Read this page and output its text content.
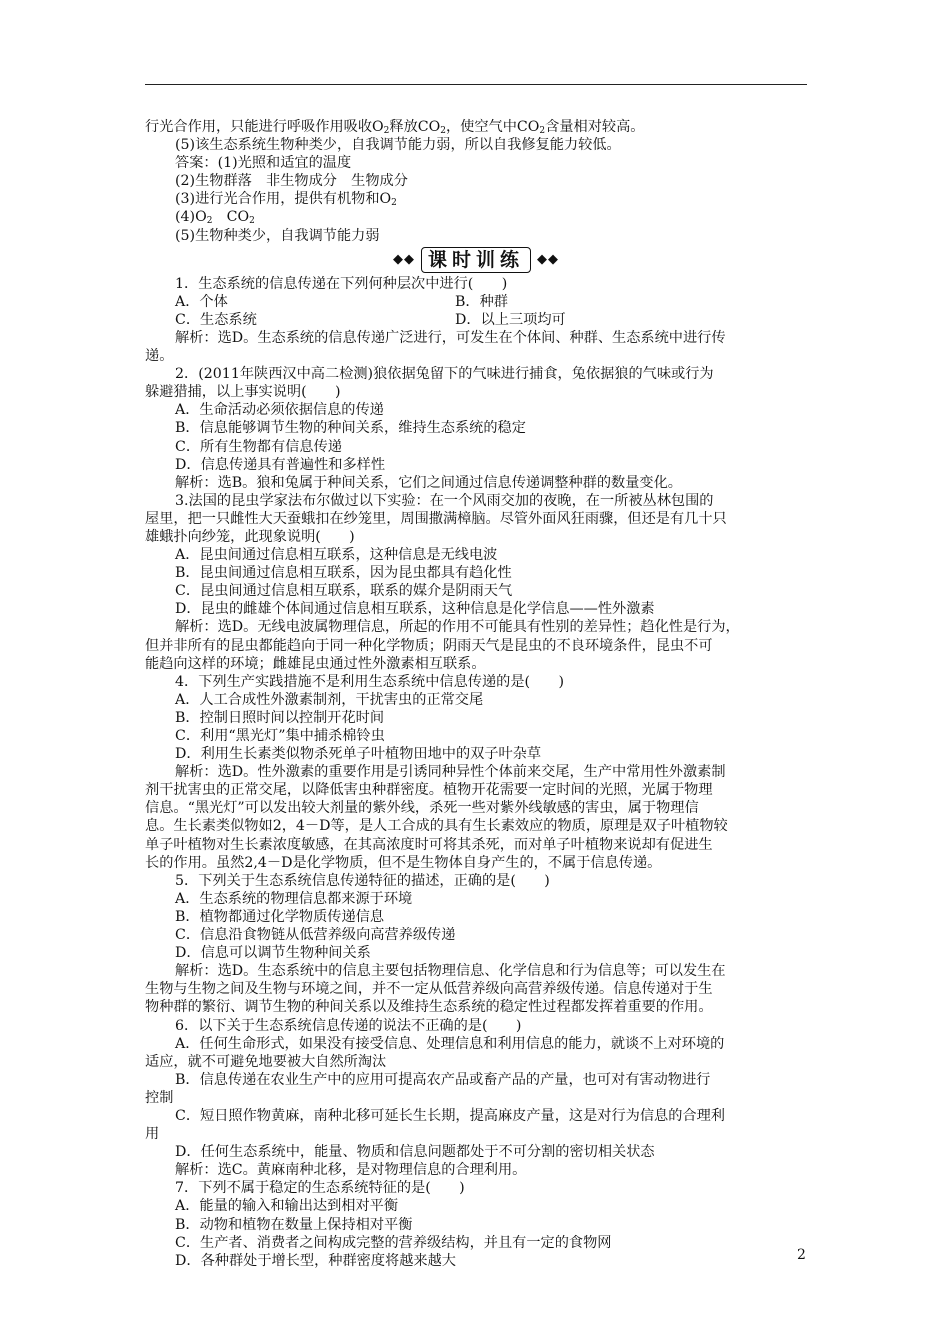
行光合作用，只能进行呼吸作用吸收$O_2$释放$CO_2$，使空气中$CO_2$含量相对较高。
(5)该生态系统生物种类少，自我调节能力弱，所以自我修复能力较低。
答案：(1)光照和适宜的温度
(2)生物群落　非生物成分　生物成分
(3)进行光合作用，提供有机物和$O_2$
$(4)O_2$　$CO_2$
(5)生物种类少，自我调节能力弱
◆◆ 课时训练	◆◆
1．生态系统的信息传递在下列何种层次中进行(　　)
A．个体	B．种群
C．生态系统	D．以上三项均可
解析：选D。生态系统的信息传递广泛进行，可发生在个体间、种群、生态系统中进行传
递。
2．(2011年陕西汉中高二检测)狼依据兔留下的气味进行捕食，兔依据狼的气味或行为
躲避猎捕，以上事实说明(　　)
A．生命活动必须依据信息的传递
B．信息能够调节生物的种间关系，维持生态系统的稳定
C．所有生物都有信息传递
D．信息传递具有普遍性和多样性
解析：选B。狼和兔属于种间关系，它们之间通过信息传递调整种群的数量变化。
3.法国的昆虫学家法布尔做过以下实验：在一个风雨交加的夜晚，在一所被丛林包围的
屋里，把一只雌性大天蚕蛾扣在纱笼里，周围撒满樟脑。尽管外面风狂雨骤，但还是有几十只
雄蛾扑向纱笼，此现象说明(　　)
A．昆虫间通过信息相互联系，这种信息是无线电波
B．昆虫间通过信息相互联系，因为昆虫都具有趋化性
C．昆虫间通过信息相互联系，联系的媒介是阴雨天气
D．昆虫的雌雄个体间通过信息相互联系，这种信息是化学信息——性外激素
解析：选D。无线电波属物理信息，所起的作用不可能具有性别的差异性；趋化性是行为，
但并非所有的昆虫都能趋向于同一种化学物质；阴雨天气是昆虫的不良环境条件，昆虫不可
能趋向这样的环境；雌雄昆虫通过性外激素相互联系。
4．下列生产实践措施不是利用生态系统中信息传递的是(　　)
A．人工合成性外激素制剂，干扰害虫的正常交尾
B．控制日照时间以控制开花时间
C．利用“黑光灯”集中捕杀棉铃虫
D．利用生长素类似物杀死单子叶植物田地中的双子叶杂草
解析：选D。性外激素的重要作用是引诱同种异性个体前来交尾，生产中常用性外激素制
剂干扰害虫的正常交尾，以降低害虫种群密度。植物开花需要一定时间的光照，光属于物理
信息。“黑光灯”可以发出较大剂量的紫外线，杀死一些对紫外线敏感的害虫，属于物理信
息。生长素类似物如2，4－D等，是人工合成的具有生长素效应的物质，原理是双子叶植物较
单子叶植物对生长素浓度敏感，在其高浓度时可将其杀死，而对单子叶植物来说却有促进生
长的作用。虽然2,4－D是化学物质，但不是生物体自身产生的，不属于信息传递。
5．下列关于生态系统信息传递特征的描述，正确的是(　　)
A．生态系统的物理信息都来源于环境
B．植物都通过化学物质传递信息
C．信息沿食物链从低营养级向高营养级传递
D．信息可以调节生物种间关系
解析：选D。生态系统中的信息主要包括物理信息、化学信息和行为信息等；可以发生在
生物与生物之间及生物与环境之间，并不一定从低营养级向高营养级传递。信息传递对于生
物种群的繁衍、调节生物的种间关系以及维持生态系统的稳定性过程都发挥着重要的作用。
6．以下关于生态系统信息传递的说法不正确的是(　　)
A．任何生命形式，如果没有接受信息、处理信息和利用信息的能力，就谈不上对环境的
适应，就不可避免地要被大自然所淘汰
B．信息传递在农业生产中的应用可提高农产品或畜产品的产量，也可对有害动物进行
控制
C．短日照作物黄麻，南种北移可延长生长期，提高麻皮产量，这是对行为信息的合理利
用
D．任何生态系统中，能量、物质和信息问题都处于不可分割的密切相关状态
解析：选C。黄麻南种北移，是对物理信息的合理利用。
7．下列不属于稳定的生态系统特征的是(　　)
A．能量的输入和输出达到相对平衡
B．动物和植物在数量上保持相对平衡
C．生产者、消费者之间构成完整的营养级结构，并且有一定的食物网
D．各种群处于增长型，种群密度将越来越大	2
